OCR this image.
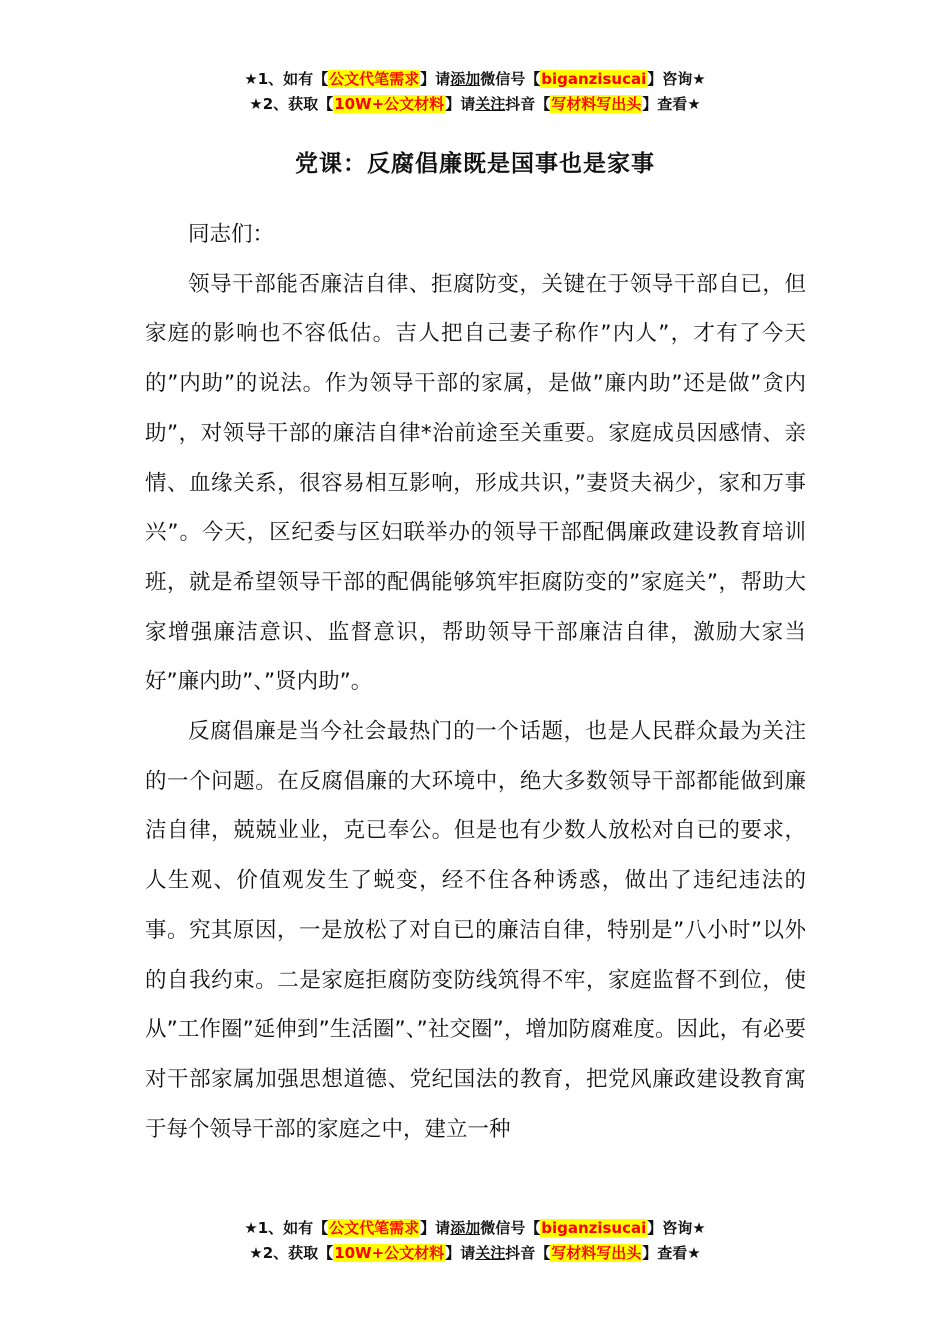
★1、如有【公文代笔需求】请添加微信号【biganzisucai】咨询★
★2、获取【10W+公文材料】请关注抖音【写材料写出头】查看★
党课：反腐倡廉既是国事也是家事

同志们：

领导干部能否廉洁自律、拒腐防变，关键在于领导干部自已，但家庭的影响也不容低估。吉人把自己妻子称作”内人”，才有了今天的”内助”的说法。作为领导干部的家属，是做”廉内助”还是做”贪内助”，对领导干部的廉洁自律*治前途至关重要。家庭成员因感情、亲情、血缘关系，很容易相互影响，形成共识，”妻贤夫祸少，家和万事兴”。今天，区纪委与区妇联举办的领导干部配偶廉政建设教育培训班，就是希望领导干部的配偶能够筑牢拒腐防变的”家庭关”，帮助大家增强廉洁意识、监督意识，帮助领导干部廉洁自律，激励大家当好”廉内助”、”贤内助”。

反腐倡廉是当今社会最热门的一个话题，也是人民群众最为关注的一个问题。在反腐倡廉的大环境中，绝大多数领导干部都能做到廉洁自律，兢兢业业，克已奉公。但是也有少数人放松对自已的要求，人生观、价值观发生了蜕变，经不住各种诱惑，做出了违纪违法的事。究其原因，一是放松了对自已的廉洁自律，特别是”八小时”以外的自我约束。二是家庭拒腐防变防线筑得不牢，家庭监督不到位，使从”工作圈”延伸到”生活圈”、”社交圈”，增加防腐难度。因此，有必要对干部家属加强思想道德、党纪国法的教育，把党风廉政建设教育寓于每个领导干部的家庭之中，建立一种

★1、如有【公文代笔需求】请添加微信号【biganzisucai】咨询★
★2、获取【10W+公文材料】请关注抖音【写材料写出头】查看★
